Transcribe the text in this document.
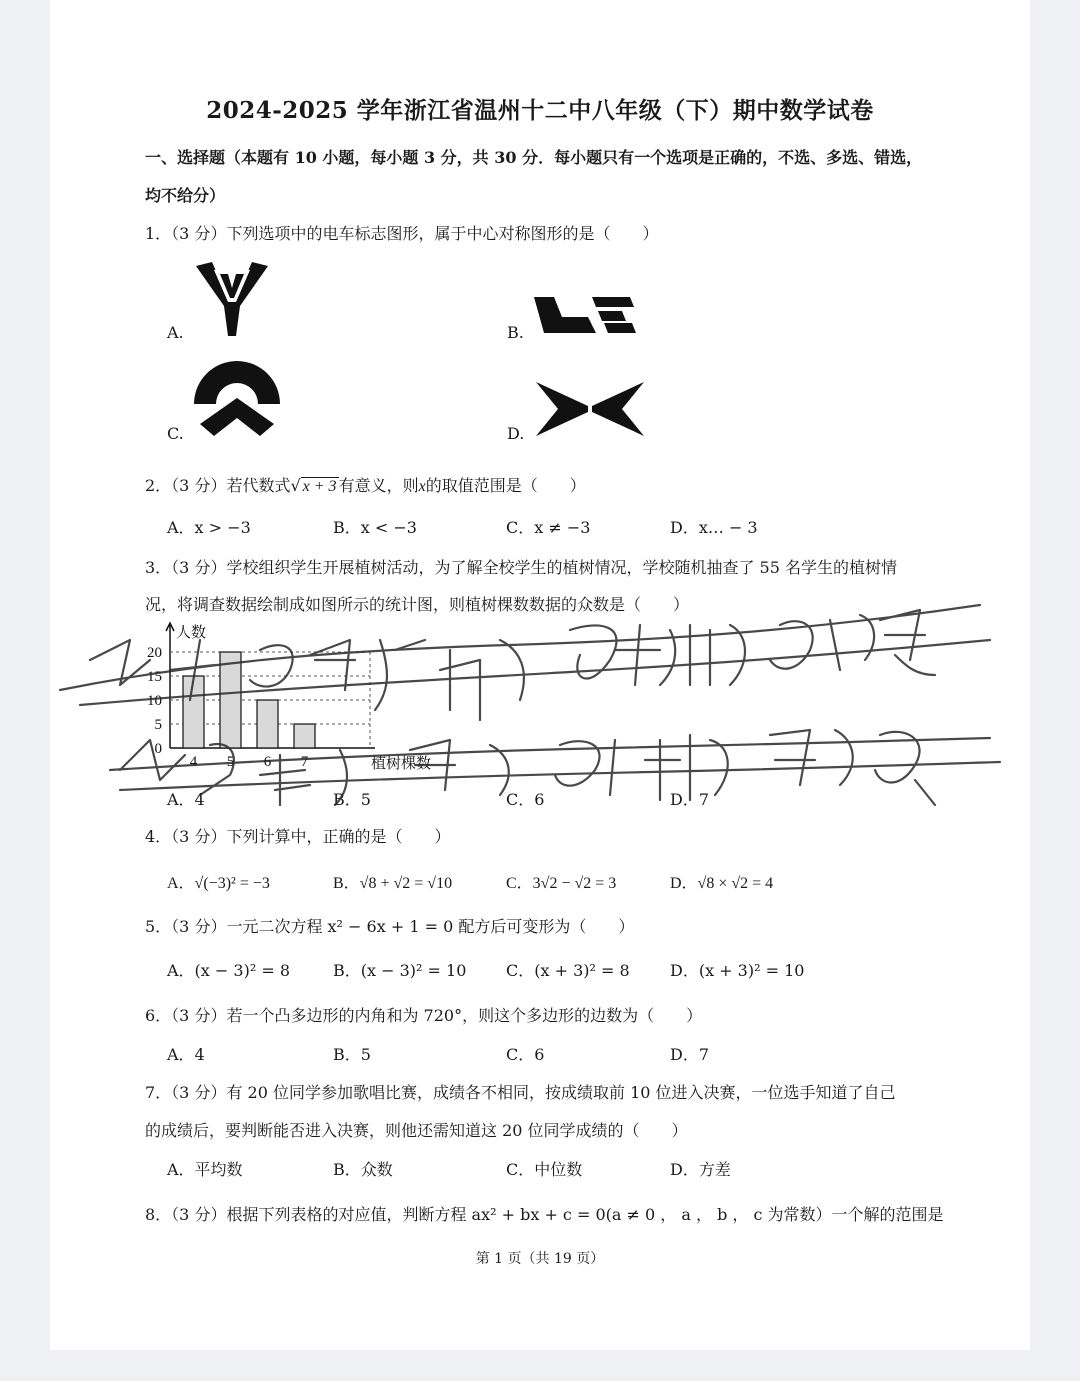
2024-2025 学年浙江省温州十二中八年级（下）期中数学试卷
一、选择题（本题有 10 小题，每小题 3 分，共 30 分．每小题只有一个选项是正确的，不选、多选、错选，
均不给分）
1．（3 分）下列选项中的电车标志图形，属于中心对称图形的是（　　）
A.	B.
C.	D.
2．（3 分）若代数式√ x + 3 有意义，则x的取值范围是（　　）
A．x > −3	B．x < −3	C．x ≠ −3	D．x… − 3
3．（3 分）学校组织学生开展植树活动，为了解全校学生的植树情况，学校随机抽查了 55 名学生的植树情
况，将调查数据绘制成如图所示的统计图，则植树棵数数据的众数是（　　）
0
5
10
15
20
4 5 6 7
人数
植树棵数
A．4	B．5	C．6	D．7
4．（3 分）下列计算中，正确的是（　　）
A．√(−3)² = −3	B．√8 + √2 = √10	C．3√2 − √2 = 3	D．√8 × √2 = 4
5．（3 分）一元二次方程 x² − 6x + 1 = 0 配方后可变形为（　　）
A．(x − 3)² = 8	B．(x − 3)² = 10 C．(x + 3)² = 8	D．(x + 3)² = 10
6．（3 分）若一个凸多边形的内角和为 720°，则这个多边形的边数为（　　）
A．4	B．5	C．6	D．7
7．（3 分）有 20 位同学参加歌唱比赛，成绩各不相同，按成绩取前 10 位进入决赛，一位选手知道了自己
的成绩后，要判断能否进入决赛，则他还需知道这 20 位同学成绩的（　　）
A．平均数	B．众数	C．中位数	D．方差
8．（3 分）根据下列表格的对应值，判断方程 ax² + bx + c = 0(a ≠ 0 ， a ， b ， c 为常数）一个解的范围是
第 1 页（共 19 页）
